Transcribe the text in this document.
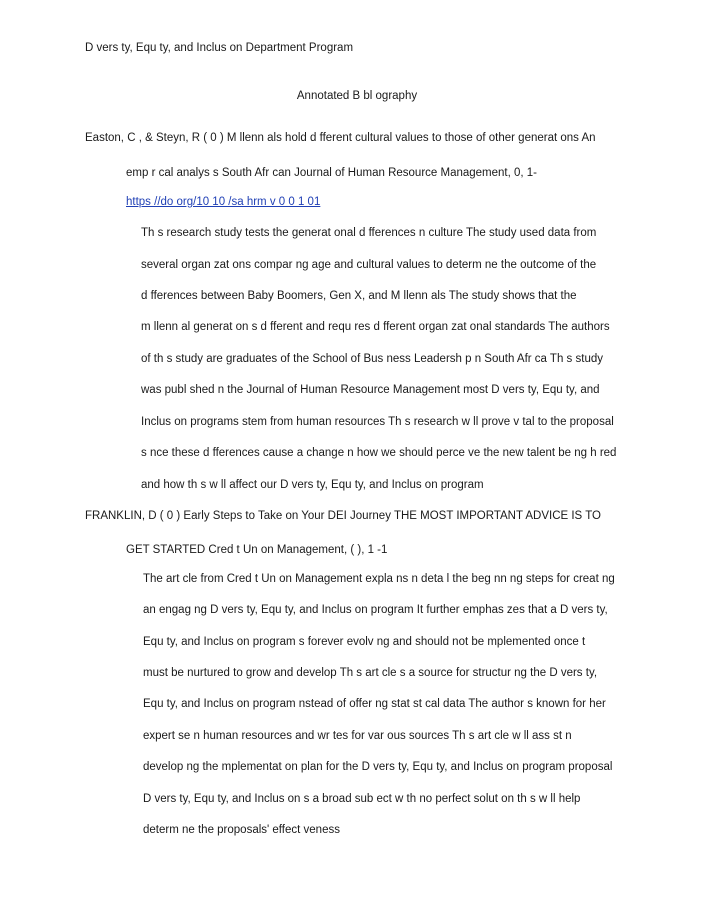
D vers ty, Equ ty, and Inclus on Department Program
Annotated B bl ography
Easton, C , & Steyn, R ( 0 ) M llenn als hold d fferent cultural values to those of other generat ons An
emp r cal analys s South Afr can Journal of Human Resource Management, 0, 1-
https //do org/10 10 /sa hrm v 0 0 1 01
Th s research study tests the generat onal d fferences n culture The study used data from
several organ zat ons compar ng age and cultural values to determ ne the outcome of the
d fferences between Baby Boomers, Gen X, and M llenn als The study shows that the
m llenn al generat on s d fferent and requ res d fferent organ zat onal standards The authors
of th s study are graduates of the School of Bus ness Leadersh p n South Afr ca Th s study
was publ shed n the Journal of Human Resource Management most D vers ty, Equ ty, and
Inclus on programs stem from human resources Th s research w ll prove v tal to the proposal
s nce these d fferences cause a change n how we should perce ve the new talent be ng h red
and how th s w ll affect our D vers ty, Equ ty, and Inclus on program
FRANKLIN, D ( 0 ) Early Steps to Take on Your DEI Journey THE MOST IMPORTANT ADVICE IS TO
GET STARTED Cred t Un on Management, ( ), 1 -1
The art cle from Cred t Un on Management expla ns n deta l the beg nn ng steps for creat ng
an engag ng D vers ty, Equ ty, and Inclus on program It further emphas zes that a D vers ty,
Equ ty, and Inclus on program s forever evolv ng and should not be mplemented once t
must be nurtured to grow and develop Th s art cle s a source for structur ng the D vers ty,
Equ ty, and Inclus on program nstead of offer ng stat st cal data The author s known for her
expert se n human resources and wr tes for var ous sources Th s art cle w ll ass st n
develop ng the mplementat on plan for the D vers ty, Equ ty, and Inclus on program proposal
D vers ty, Equ ty, and Inclus on s a broad sub ect w th no perfect solut on th s w ll help
determ ne the proposals' effect veness
